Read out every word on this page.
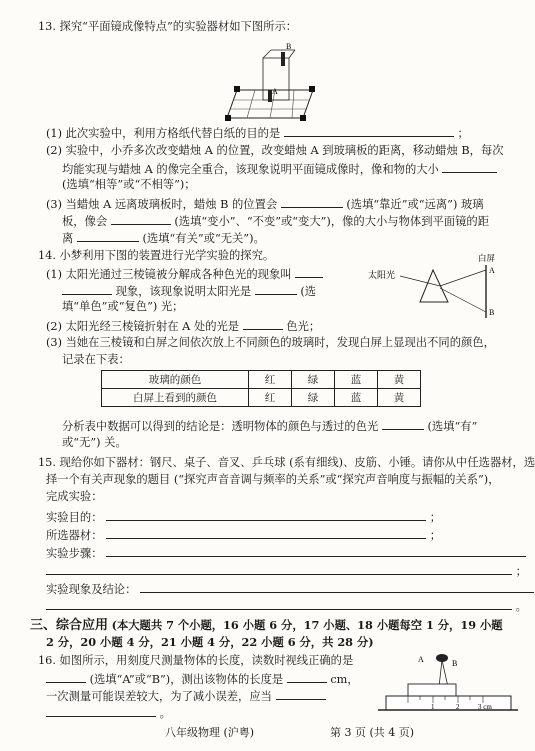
13. 探究“平面镜成像特点”的实验器材如下图所示：
B
A
(1) 此次实验中，利用方格纸代替白纸的目的是	；
(2) 实验中，小乔多次改变蜡烛 A 的位置，改变蜡烛 A 到玻璃板的距离，移动蜡烛 B，每次
均能实现与蜡烛 A 的像完全重合，该现象说明平面镜成像时，像和物的大小
(选填“相等”或“不相等”)；
(3) 当蜡烛 A 远离玻璃板时，蜡烛 B 的位置会	(选填“靠近”或“远离”) 玻璃
板，像会	(选填“变小”、“不变”或“变大”)，像的大小与物体到平面镜的距
离	(选填“有关”或“无关”)。
14. 小梦利用下图的装置进行光学实验的探究。
(1) 太阳光通过三棱镜被分解成各种色光的现象叫
现象，该现象说明太阳光是	(选
填“单色”或“复色”) 光；
(2) 太阳光经三棱镜折射在 A 处的光是	色光；
太阳光
白屏
A
B
(3) 当她在三棱镜和白屏之间依次放上不同颜色的玻璃时，发现白屏上显现出不同的颜色，
记录在下表：
玻璃的颜色	红	绿	蓝	黄
白屏上看到的颜色	红	绿	蓝	黄
分析表中数据可以得到的结论是：透明物体的颜色与透过的色光	(选填“有”
或“无”) 关。
15. 现给你如下器材：钢尺、桌子、音叉、乒乓球 (系有细线)、皮筋、小锤。请你从中任选器材，选
择一个有关声现象的题目 (“探究声音音调与频率的关系”或“探究声音响度与振幅的关系”)，
完成实验：
实验目的：	；
所选器材：	；
实验步骤：
；
实验现象及结论：
。
三、综合应用 (本大题共 7 个小题，16 小题 6 分，17 小题、18 小题每空 1 分，19 小题
2 分，20 小题 4 分，21 小题 4 分，22 小题 6 分，共 28 分)
16. 如图所示，用刻度尺测量物体的长度，读数时视线正确的是
(选填“A”或“B”)，测出该物体的长度是	cm，
一次测量可能误差较大，为了减小误差，应当
。
A	B
1	2	3 cm
八年级物理 (沪粤)	第 3 页 (共 4 页)
